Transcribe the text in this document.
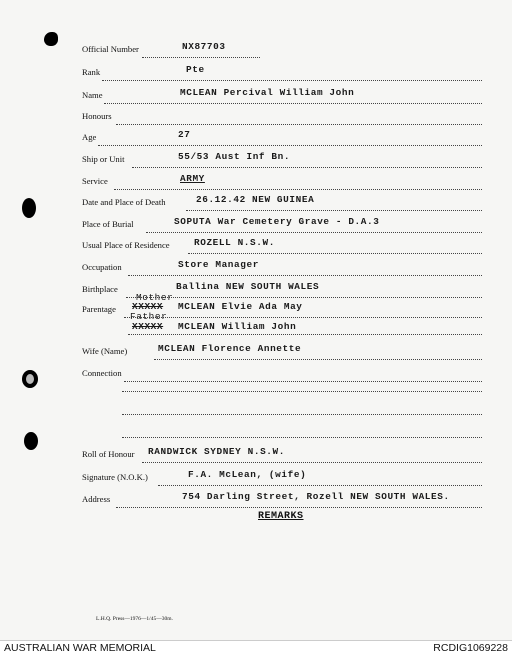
Official Number	NX87703
Rank	Pte
Name	MCLEAN Percival William John
Honours
Age	27
Ship or Unit	55/53 Aust Inf Bn.
Service	ARMY
Date and Place of Death	26.12.42 NEW GUINEA
Place of Burial	SOPUTA War Cemetery Grave - D.A.3
Usual Place of Residence	ROZELL N.S.W.
Occupation	Store Manager
Birthplace	Ballina NEW SOUTH WALES
Mother
Parentage XXXXX MCLEAN Elvie Ada May
Father
XXXXX MCLEAN William John
Wife (Name)	MCLEAN Florence Annette
Connection
Roll of Honour RANDWICK SYDNEY N.S.W.
Signature (N.O.K.)	F.A. McLean, (wife)
Address	754 Darling Street, Rozell NEW SOUTH WALES.
REMARKS
L.H.Q. Press—1976—1/45—30m.
AUSTRALIAN WAR MEMORIAL	RCDIG1069228
